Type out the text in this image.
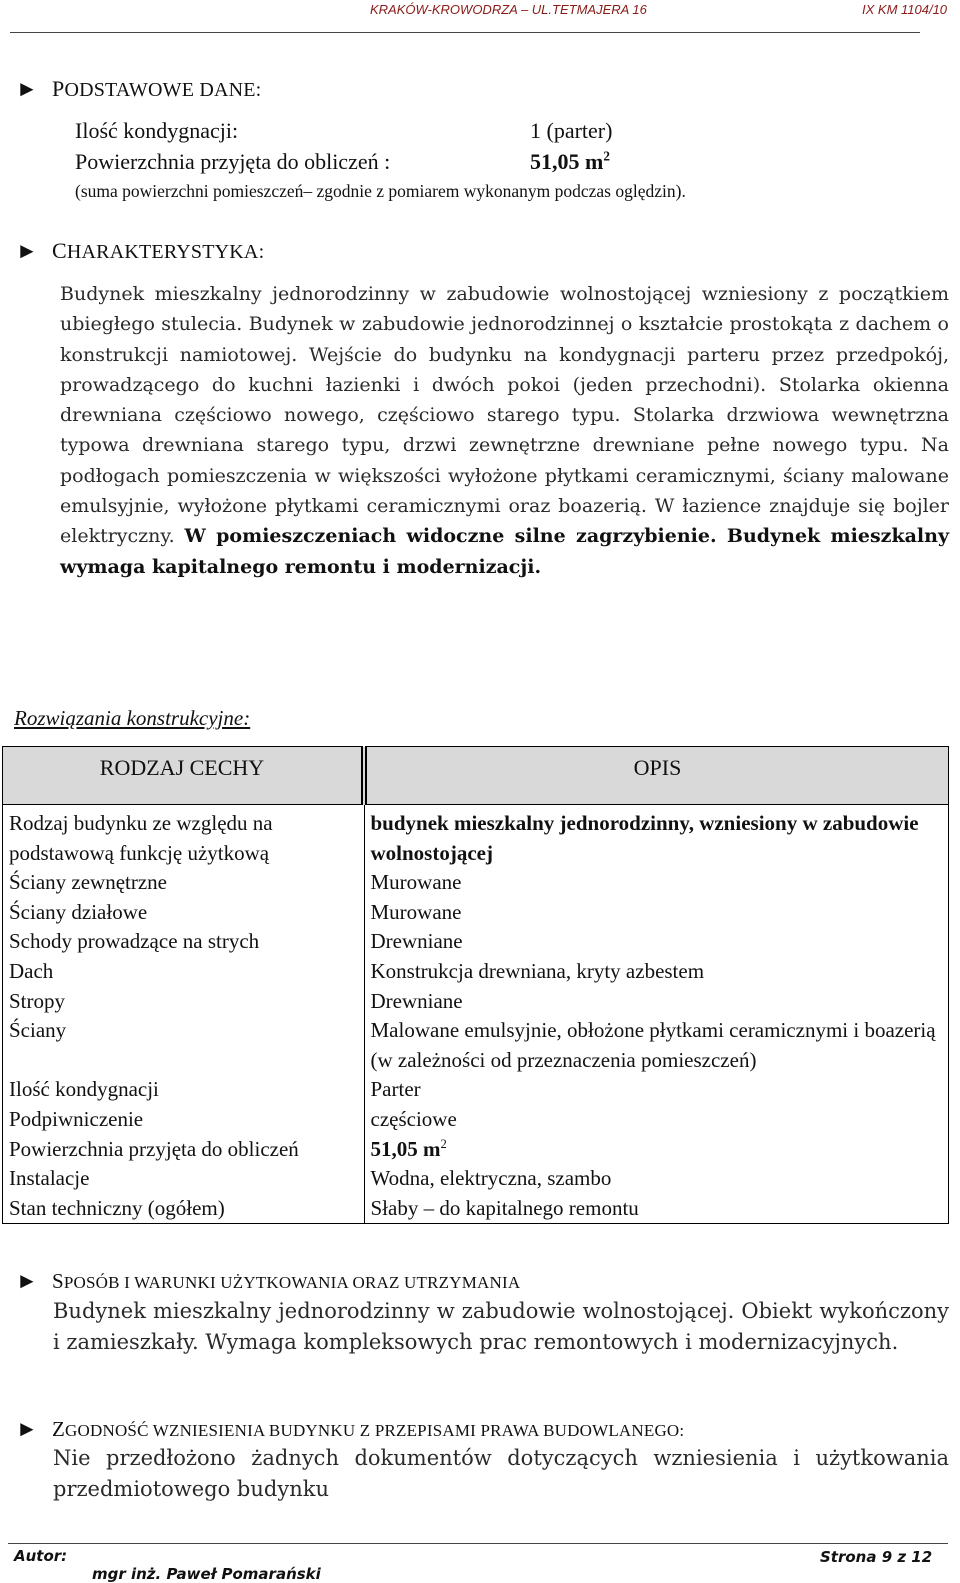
KRAKÓW-KROWODRZA – UL.TETMAJERA 16	IX KM 1104/10
► PODSTAWOWE DANE:
Ilość kondygnacji:	1 (parter)
Powierzchnia przyjęta do obliczeń :	51,05 $m^2$
(suma powierzchni pomieszczeń– zgodnie z pomiarem wykonanym podczas oględzin).
► CHARAKTERYSTYKA:

Budynek mieszkalny jednorodzinny w zabudowie wolnostojącej wzniesiony z początkiem ubiegłego stulecia. Budynek w zabudowie jednorodzinnej o kształcie prostokąta z dachem o konstrukcji namiotowej. Wejście do budynku na kondygnacji parteru przez przedpokój, prowadzącego do kuchni łazienki i dwóch pokoi (jeden przechodni). Stolarka okienna drewniana częściowo nowego, częściowo starego typu. Stolarka drzwiowa wewnętrzna typowa drewniana starego typu, drzwi zewnętrzne drewniane pełne nowego typu. Na podłogach pomieszczenia w większości wyłożone płytkami ceramicznymi, ściany malowane emulsyjnie, wyłożone płytkami ceramicznymi oraz boazerią. W łazience znajduje się bojler elektryczny. W pomieszczeniach widoczne silne zagrzybienie. Budynek mieszkalny wymaga kapitalnego remontu i modernizacji.

Rozwiązania konstrukcyjne:
RODZAJ CECHY	OPIS
Rodzaj budynku ze względu na podstawową funkcję użytkową	budynek mieszkalny jednorodzinny, wzniesiony w zabudowie wolnostojącej
Ściany zewnętrzne	Murowane
Ściany działowe	Murowane
Schody prowadzące na strych	Drewniane
Dach	Konstrukcja drewniana, kryty azbestem
Stropy	Drewniane
Ściany	Malowane emulsyjnie, obłożone płytkami ceramicznymi i boazerią (w zależności od przeznaczenia pomieszczeń)
Ilość kondygnacji	Parter
Podpiwniczenie	częściowe
Powierzchnia przyjęta do obliczeń	51,05 $m^2$
Instalacje	Wodna, elektryczna, szambo
Stan techniczny (ogółem)	Słaby – do kapitalnego remontu
► SPOSÓB I WARUNKI UŻYTKOWANIA ORAZ UTRZYMANIA

Budynek mieszkalny jednorodzinny w zabudowie wolnostojącej. Obiekt wykończony i zamieszkały. Wymaga kompleksowych prac remontowych i modernizacyjnych.

► ZGODNOŚĆ WZNIESIENIA BUDYNKU Z PRZEPISAMI PRAWA BUDOWLANEGO:

Nie przedłożono żadnych dokumentów dotyczących wzniesienia i użytkowania przedmiotowego budynku

Autor:
mgr inż. Paweł Pomarański
Strona 9 z 12
